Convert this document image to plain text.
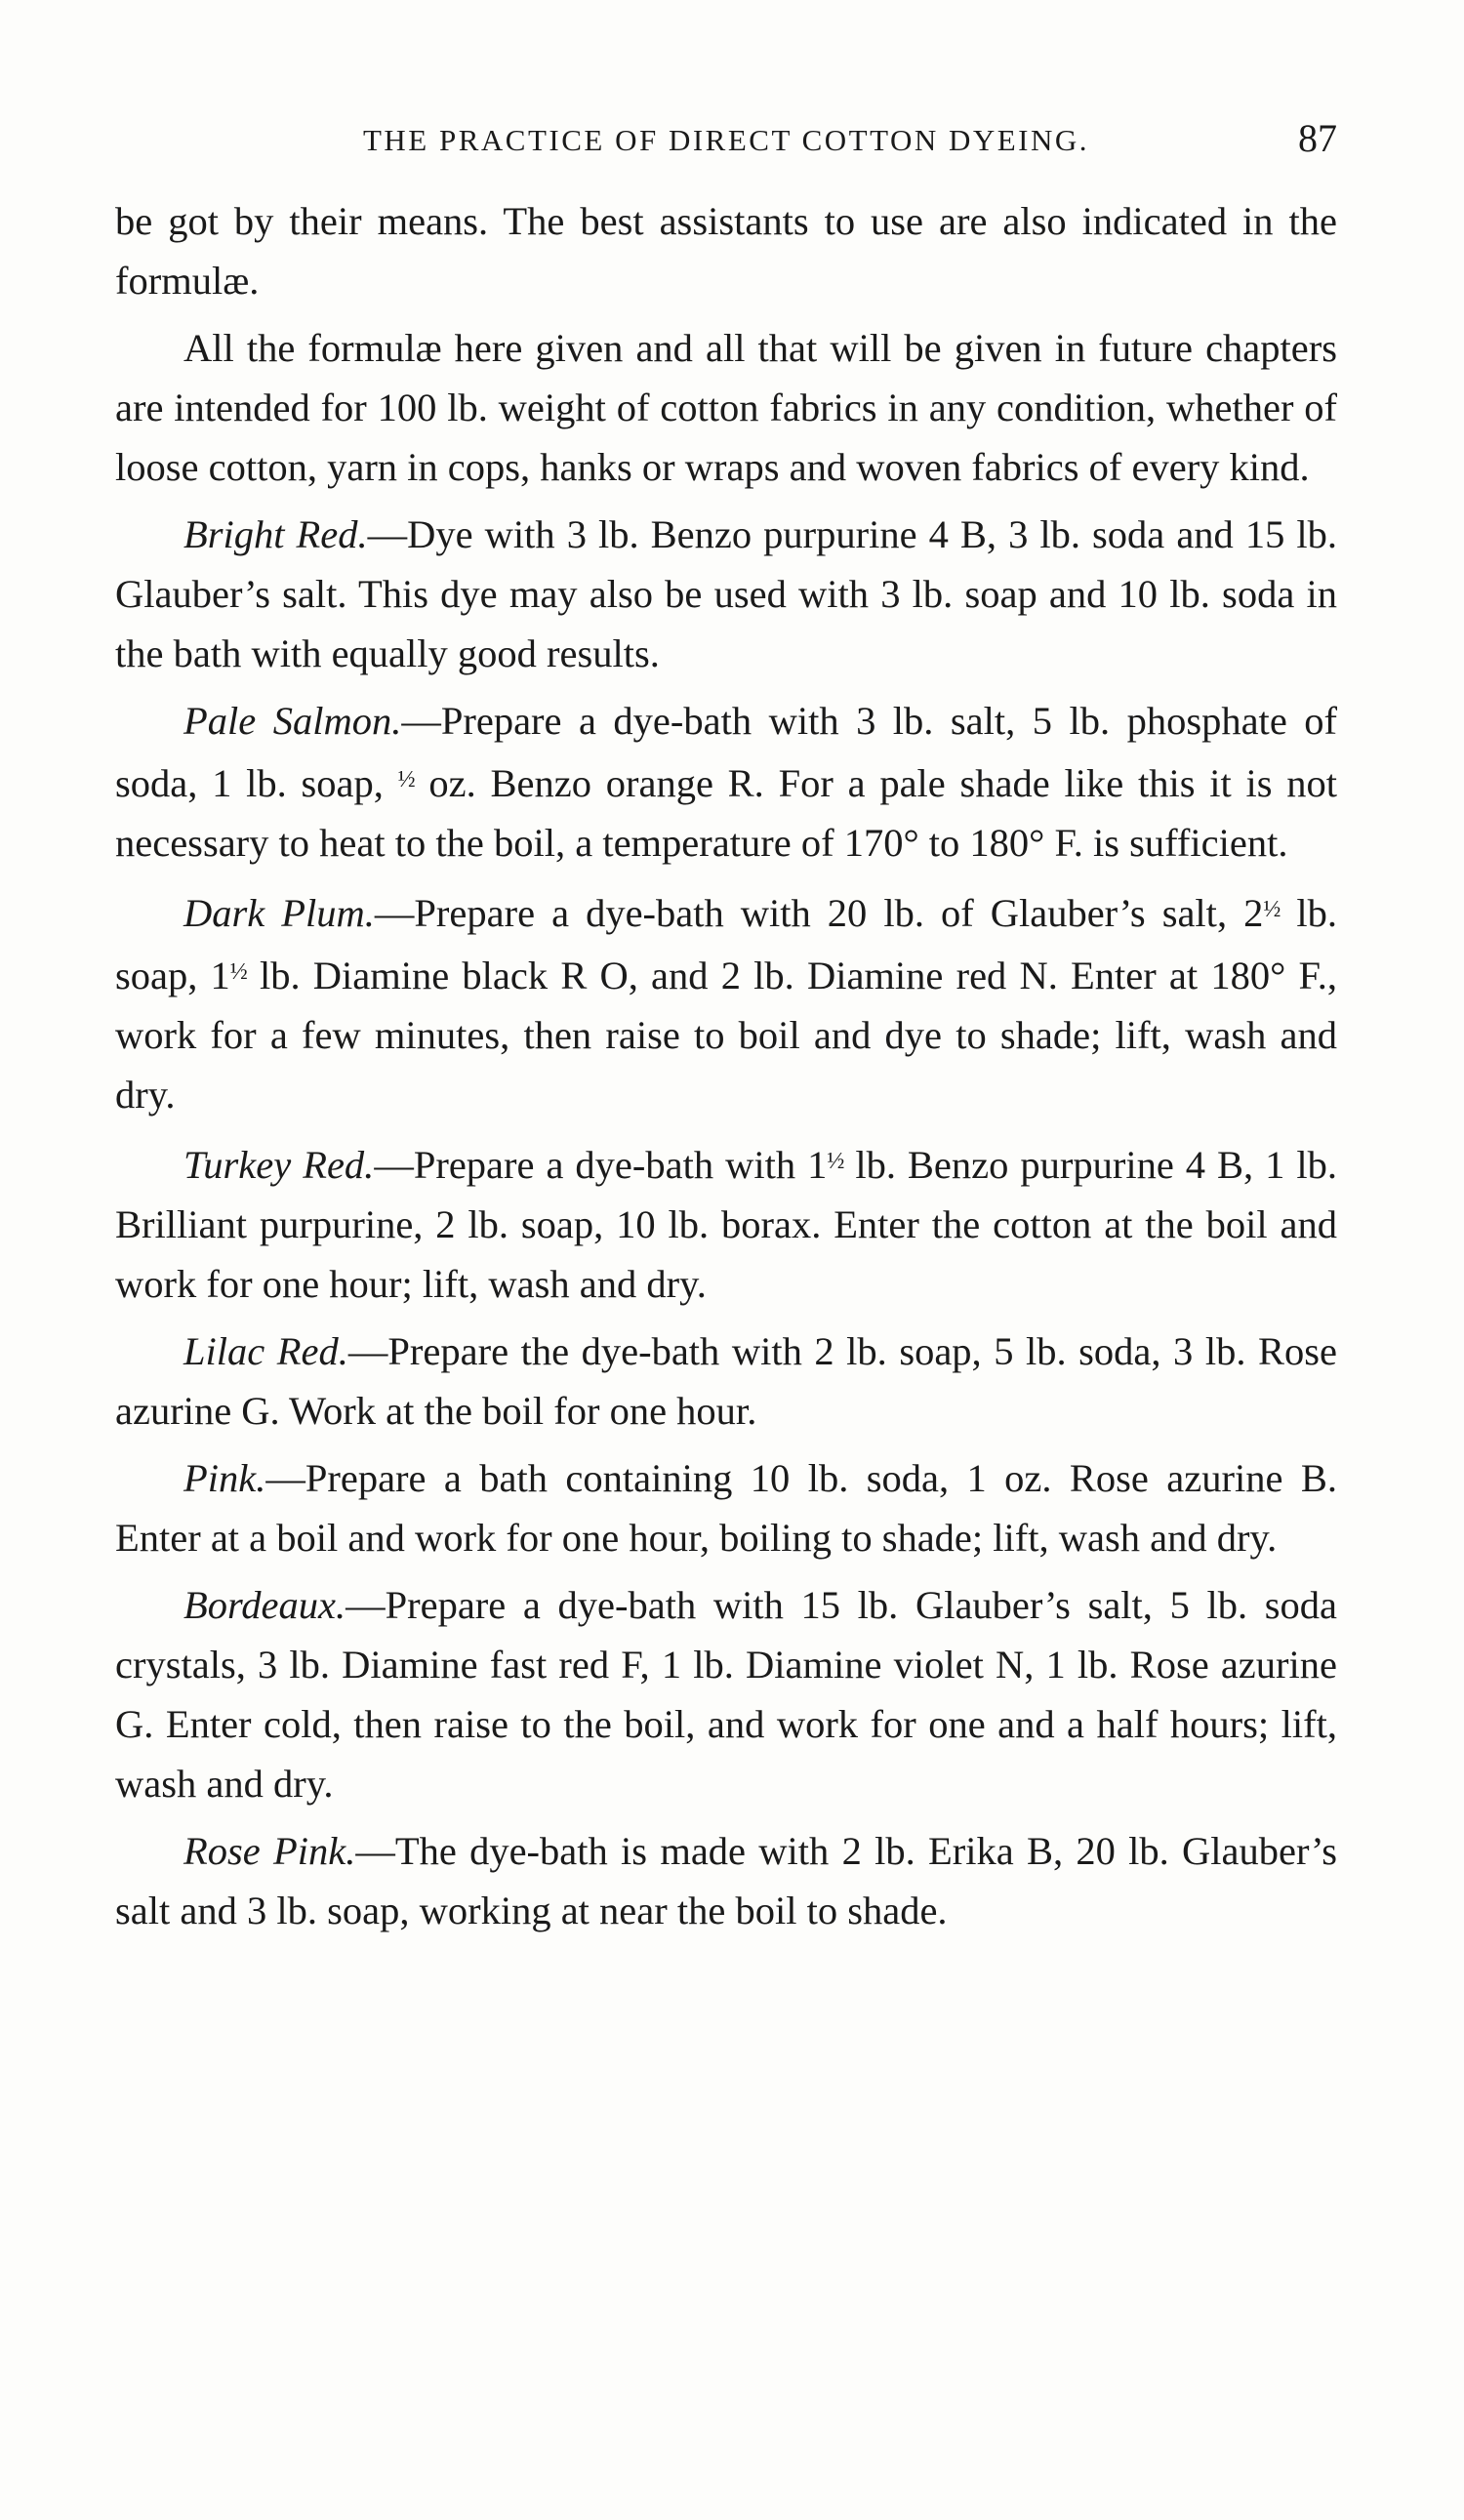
THE PRACTICE OF DIRECT COTTON DYEING.	87

be got by their means. The best assistants to use are also indicated in the formulæ.

All the formulæ here given and all that will be given in future chapters are intended for 100 lb. weight of cotton fabrics in any condition, whether of loose cotton, yarn in cops, hanks or wraps and woven fabrics of every kind.

Bright Red.—Dye with 3 lb. Benzo purpurine 4 B, 3 lb. soda and 15 lb. Glauber’s salt. This dye may also be used with 3 lb. soap and 10 lb. soda in the bath with equally good results.

Pale Salmon.—Prepare a dye-bath with 3 lb. salt, 5 lb. phosphate of soda, 1 lb. soap, $^{\frac{1}{2}}$ oz. Benzo orange R. For a pale shade like this it is not necessary to heat to the boil, a temperature of 170° to 180° F. is sufficient.

Dark Plum.—Prepare a dye-bath with 20 lb. of Glauber’s salt, $2^{\frac{1}{2}}$ lb. soap, $1^{\frac{1}{2}}$ lb. Diamine black R O, and 2 lb. Diamine red N. Enter at 180° F., work for a few minutes, then raise to boil and dye to shade; lift, wash and dry.

Turkey Red.—Prepare a dye-bath with $1^{\frac{1}{2}}$ lb. Benzo purpurine 4 B, 1 lb. Brilliant purpurine, 2 lb. soap, 10 lb. borax. Enter the cotton at the boil and work for one hour; lift, wash and dry.

Lilac Red.—Prepare the dye-bath with 2 lb. soap, 5 lb. soda, 3 lb. Rose azurine G. Work at the boil for one hour.

Pink.—Prepare a bath containing 10 lb. soda, 1 oz. Rose azurine B. Enter at a boil and work for one hour, boiling to shade; lift, wash and dry.

Bordeaux.—Prepare a dye-bath with 15 lb. Glauber’s salt, 5 lb. soda crystals, 3 lb. Diamine fast red F, 1 lb. Diamine violet N, 1 lb. Rose azurine G. Enter cold, then raise to the boil, and work for one and a half hours; lift, wash and dry.

Rose Pink.—The dye-bath is made with 2 lb. Erika B, 20 lb. Glauber’s salt and 3 lb. soap, working at near the boil to shade.
